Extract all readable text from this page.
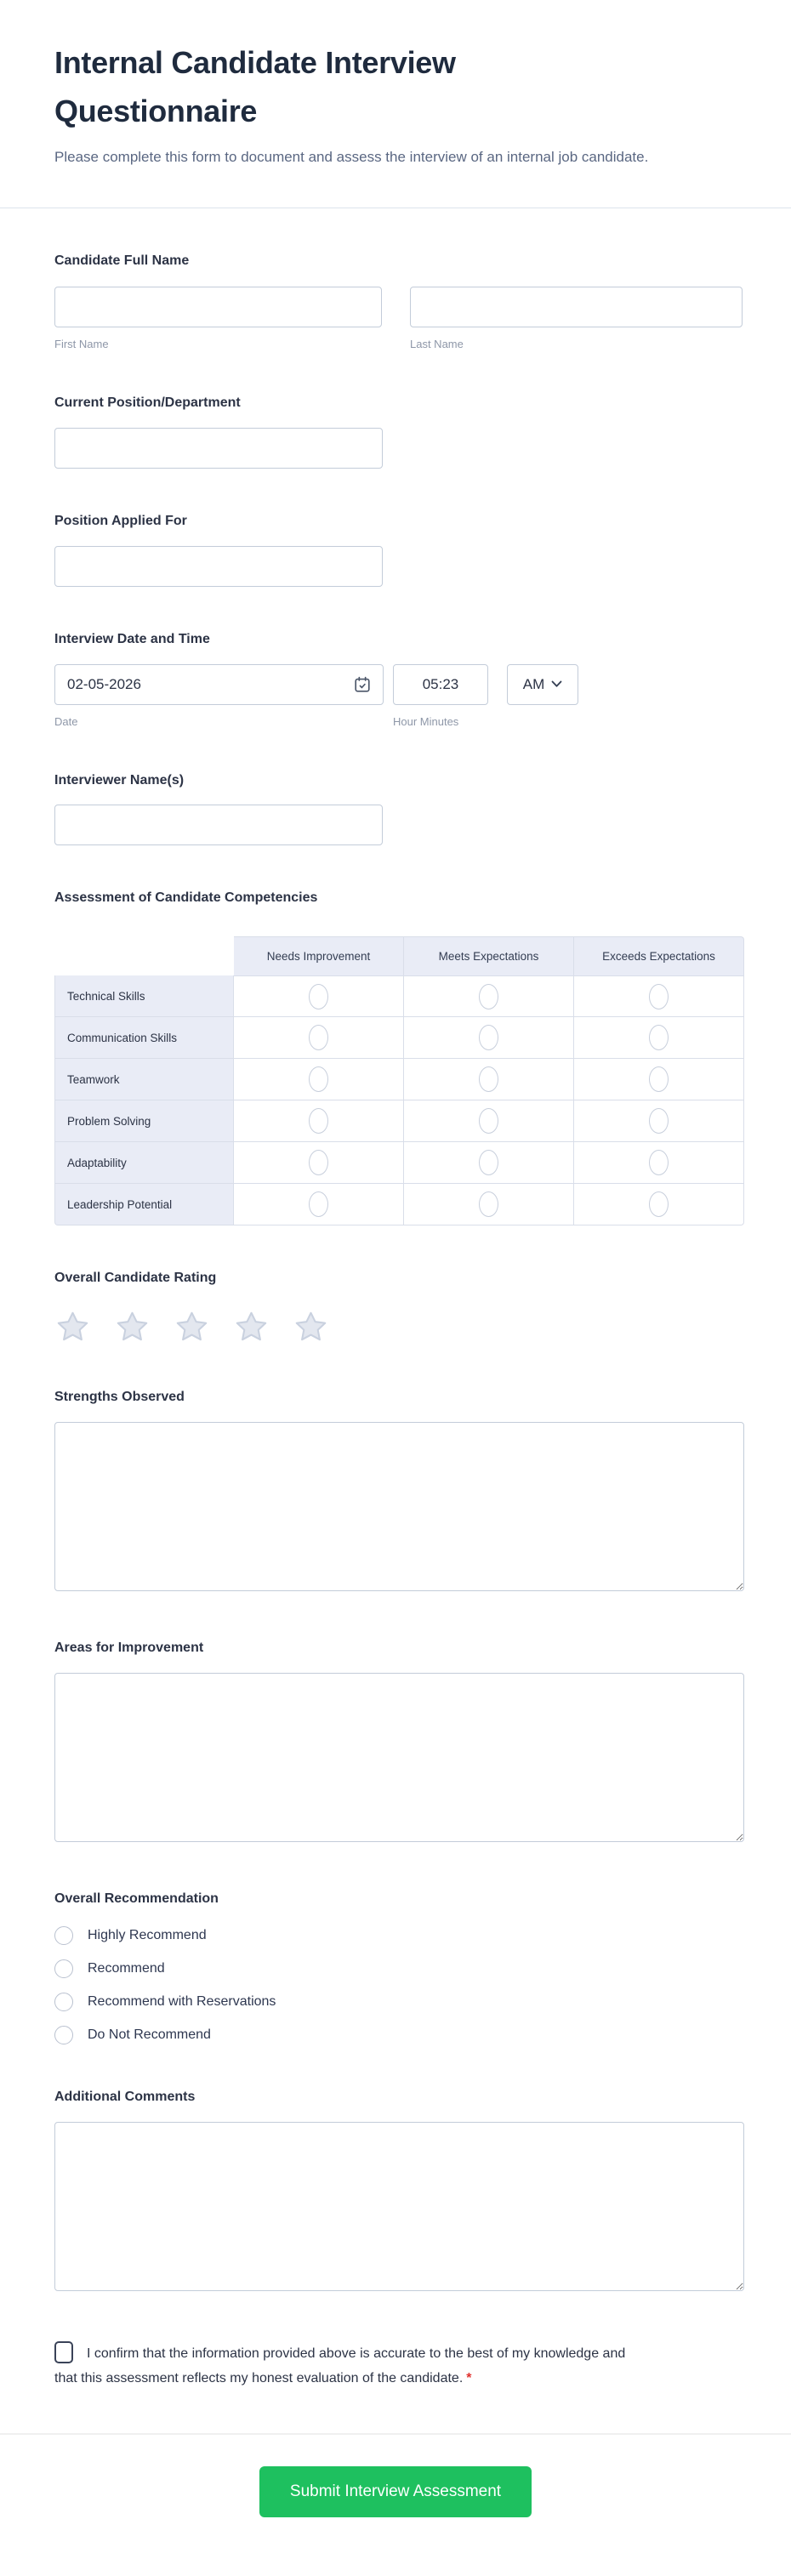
Internal Candidate Interview Questionnaire

Please complete this form to document and assess the interview of an internal job candidate.

Candidate Full Name
First Name	Last Name
Current Position/Department
Position Applied For
Interview Date and Time
02-05-2026
05:23
AM
Date	Hour Minutes
Interviewer Name(s)
Assessment of Candidate Competencies
	Needs Improvement	Meets Expectations	Exceeds Expectations
Technical Skills			
Communication Skills			
Teamwork			
Problem Solving			
Adaptability			
Leadership Potential			
Overall Candidate Rating
Strengths Observed
Areas for Improvement
Overall Recommendation
Highly Recommend
Recommend
Recommend with Reservations
Do Not Recommend
Additional Comments
I confirm that the information provided above is accurate to the best of my knowledge and that this assessment reflects my honest evaluation of the candidate. *
Submit Interview Assessment
